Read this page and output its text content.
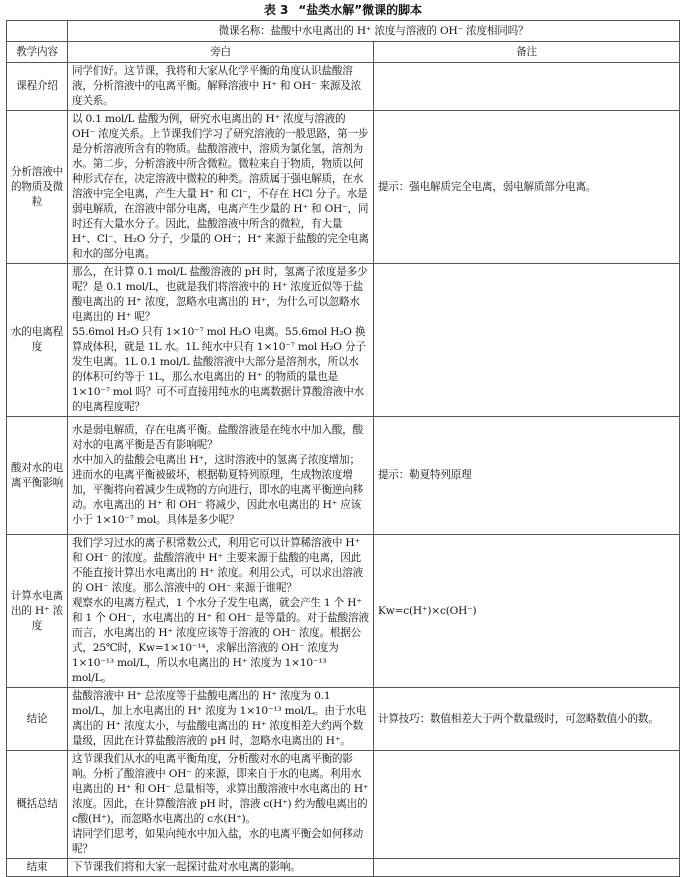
表 3 “盐类水解”微课的脚本
	微课名称：盐酸中水电离出的 H⁺ 浓度与溶液的 OH⁻ 浓度相同吗？	
教学内容	旁白	备注
课程介绍	同学们好。这节课，我将和大家从化学平衡的角度认识盐酸溶液，分析溶液中的电离平衡。解释溶液中 H⁺ 和 OH⁻ 来源及浓度关系。	
分析溶液中的物质及微粒	以 0.1 mol/L 盐酸为例，研究水电离出的 H⁺ 浓度与溶液的 OH⁻ 浓度关系。上节课我们学习了研究溶液的一般思路，第一步是分析溶液所含有的物质。盐酸溶液中，溶质为氯化氢，溶剂为水。第二步，分析溶液中所含微粒。微粒来自于物质，物质以何种形式存在，决定溶液中微粒的种类。溶质属于强电解质，在水溶液中完全电离，产生大量 H⁺ 和 Cl⁻，不存在 HCl 分子。水是弱电解质，在溶液中部分电离，电离产生少量的 H⁺ 和 OH⁻，同时还有大量水分子。因此，盐酸溶液中所含的微粒，有大量 H⁺、Cl⁻、H₂O 分子，少量的 OH⁻；H⁺ 来源于盐酸的完全电离和水的部分电离。	提示：强电解质完全电离，弱电解质部分电离。
水的电离程度	那么，在计算 0.1 mol/L 盐酸溶液的 pH 时，氢离子浓度是多少呢？是 0.1 mol/L，也就是我们将溶液中的 H⁺ 浓度近似等于盐酸电离出的 H⁺ 浓度，忽略水电离出的 H⁺，为什么可以忽略水电离出的 H⁺ 呢？
55.6mol H₂O 只有 1×10⁻⁷ mol H₂O 电离。55.6mol H₂O 换算成体积，就是 1L 水。1L 纯水中只有 1×10⁻⁷ mol H₂O 分子发生电离。1L 0.1 mol/L 盐酸溶液中大部分是溶剂水，所以水的体积可约等于 1L，那么水电离出的 H⁺ 的物质的量也是 1×10⁻⁷ mol 吗？可不可直接用纯水的电离数据计算酸溶液中水的电离程度呢？	
酸对水的电离平衡影响	水是弱电解质，存在电离平衡。盐酸溶液是在纯水中加入酸，酸对水的电离平衡是否有影响呢？
水中加入的盐酸会电离出 H⁺，这时溶液中的氢离子浓度增加；进而水的电离平衡被破坏，根据勒夏特列原理，生成物浓度增加，平衡将向着减少生成物的方向进行，即水的电离平衡逆向移动。水电离出的 H⁺ 和 OH⁻ 将减少，因此水电离出的 H⁺ 应该小于 1×10⁻⁷ mol。具体是多少呢？	提示：勒夏特列原理
计算水电离出的 H⁺ 浓度	我们学习过水的离子积常数公式，利用它可以计算稀溶液中 H⁺ 和 OH⁻ 的浓度。盐酸溶液中 H⁺ 主要来源于盐酸的电离，因此不能直接计算出水电离出的 H⁺ 浓度。利用公式，可以求出溶液的 OH⁻ 浓度。那么溶液中的 OH⁻ 来源于谁呢？
观察水的电离方程式，1 个水分子发生电离，就会产生 1 个 H⁺ 和 1 个 OH⁻，水电离出的 H⁺ 和 OH⁻ 是等量的。对于盐酸溶液而言，水电离出的 H⁺ 浓度应该等于溶液的 OH⁻ 浓度。根据公式，25℃时，Kw=1×10⁻¹⁴，求解出溶液的 OH⁻ 浓度为 1×10⁻¹³ mol/L，所以水电离出的 H⁺ 浓度为 1×10⁻¹³ mol/L。	Kw=c(H⁺)×c(OH⁻)
结论	盐酸溶液中 H⁺ 总浓度等于盐酸电离出的 H⁺ 浓度为 0.1 mol/L，加上水电离出的 H⁺ 浓度为 1×10⁻¹³ mol/L。由于水电离出的 H⁺ 浓度太小，与盐酸电离出的 H⁺ 浓度相差大约两个数量级，因此在计算盐酸溶液的 pH 时，忽略水电离出的 H⁺。	计算技巧：数值相差大于两个数量级时，可忽略数值小的数。
概括总结	这节课我们从水的电离平衡角度，分析酸对水的电离平衡的影响。分析了酸溶液中 OH⁻ 的来源，即来自于水的电离。利用水电离出的 H⁺ 和 OH⁻ 总量相等，求算出酸溶液中水电离出的 H⁺ 浓度。因此，在计算酸溶液 pH 时，溶液 c(H⁺) 约为酸电离出的 c酸(H⁺)，而忽略水电离出的 c水(H⁺)。
请同学们思考，如果向纯水中加入盐，水的电离平衡会如何移动呢？	
结束	下节课我们将和大家一起探讨盐对水电离的影响。	
